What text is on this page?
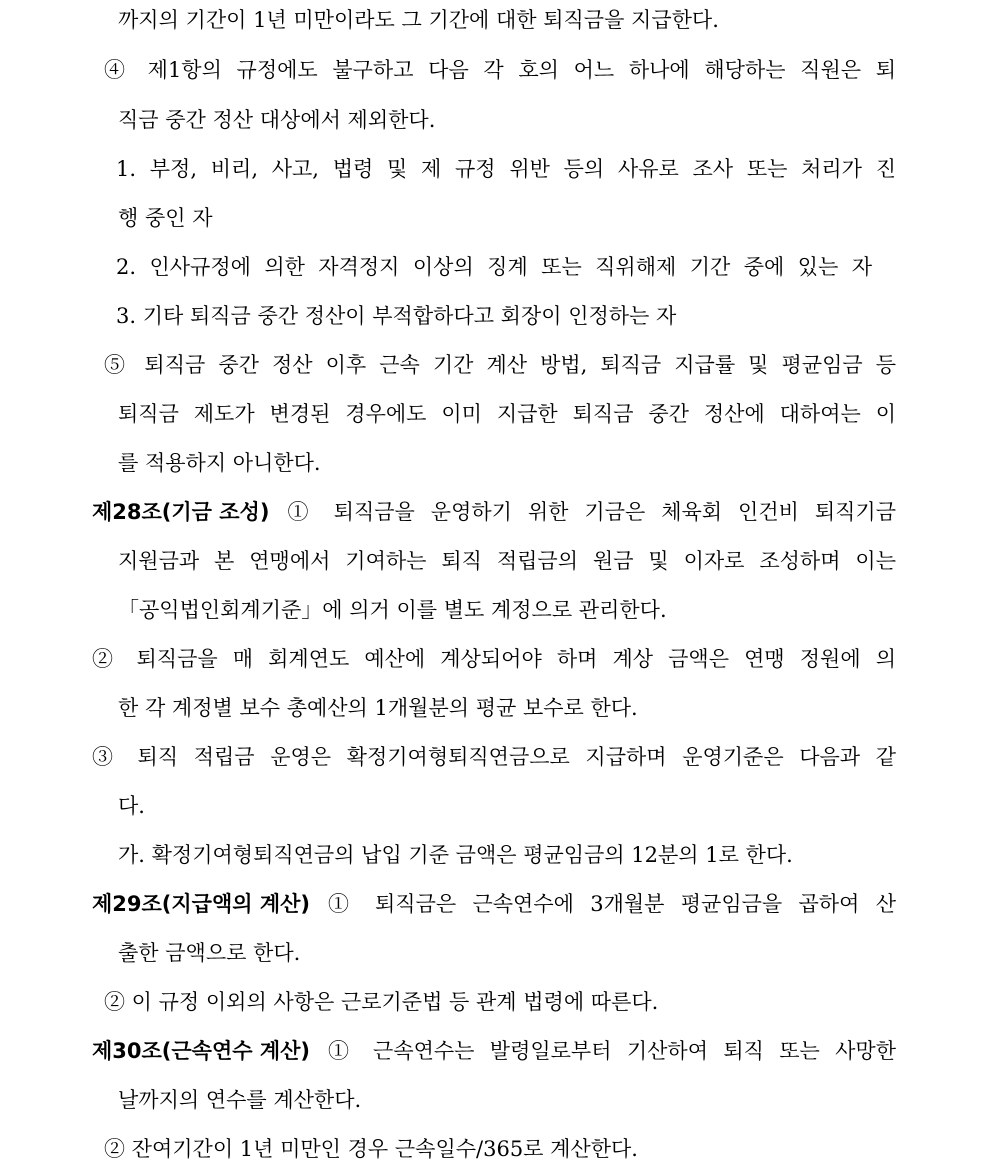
까지의 기간이 1년 미만이라도 그 기간에 대한 퇴직금을 지급한다.
④ 제1항의 규정에도 불구하고 다음 각 호의 어느 하나에 해당하는 직원은 퇴
직금 중간 정산 대상에서 제외한다.
1. 부정, 비리, 사고, 법령 및 제 규정 위반 등의 사유로 조사 또는 처리가 진
행 중인 자
2. 인사규정에 의한 자격정지 이상의 징계 또는 직위해제 기간 중에 있는 자
3. 기타 퇴직금 중간 정산이 부적합하다고 회장이 인정하는 자
⑤ 퇴직금 중간 정산 이후 근속 기간 계산 방법, 퇴직금 지급률 및 평균임금 등
퇴직금 제도가 변경된 경우에도 이미 지급한 퇴직금 중간 정산에 대하여는 이
를 적용하지 아니한다.
제28조(기금 조성) ① 퇴직금을 운영하기 위한 기금은 체육회 인건비 퇴직기금
지원금과 본 연맹에서 기여하는 퇴직 적립금의 원금 및 이자로 조성하며 이는
「공익법인회계기준」에 의거 이를 별도 계정으로 관리한다.
② 퇴직금을 매 회계연도 예산에 계상되어야 하며 계상 금액은 연맹 정원에 의
한 각 계정별 보수 총예산의 1개월분의 평균 보수로 한다.
③ 퇴직 적립금 운영은 확정기여형퇴직연금으로 지급하며 운영기준은 다음과 같
다.
가. 확정기여형퇴직연금의 납입 기준 금액은 평균임금의 12분의 1로 한다.
제29조(지급액의 계산) ① 퇴직금은 근속연수에 3개월분 평균임금을 곱하여 산
출한 금액으로 한다.
② 이 규정 이외의 사항은 근로기준법 등 관계 법령에 따른다.
제30조(근속연수 계산) ① 근속연수는 발령일로부터 기산하여 퇴직 또는 사망한
날까지의 연수를 계산한다.
② 잔여기간이 1년 미만인 경우 근속일수/365로 계산한다.
